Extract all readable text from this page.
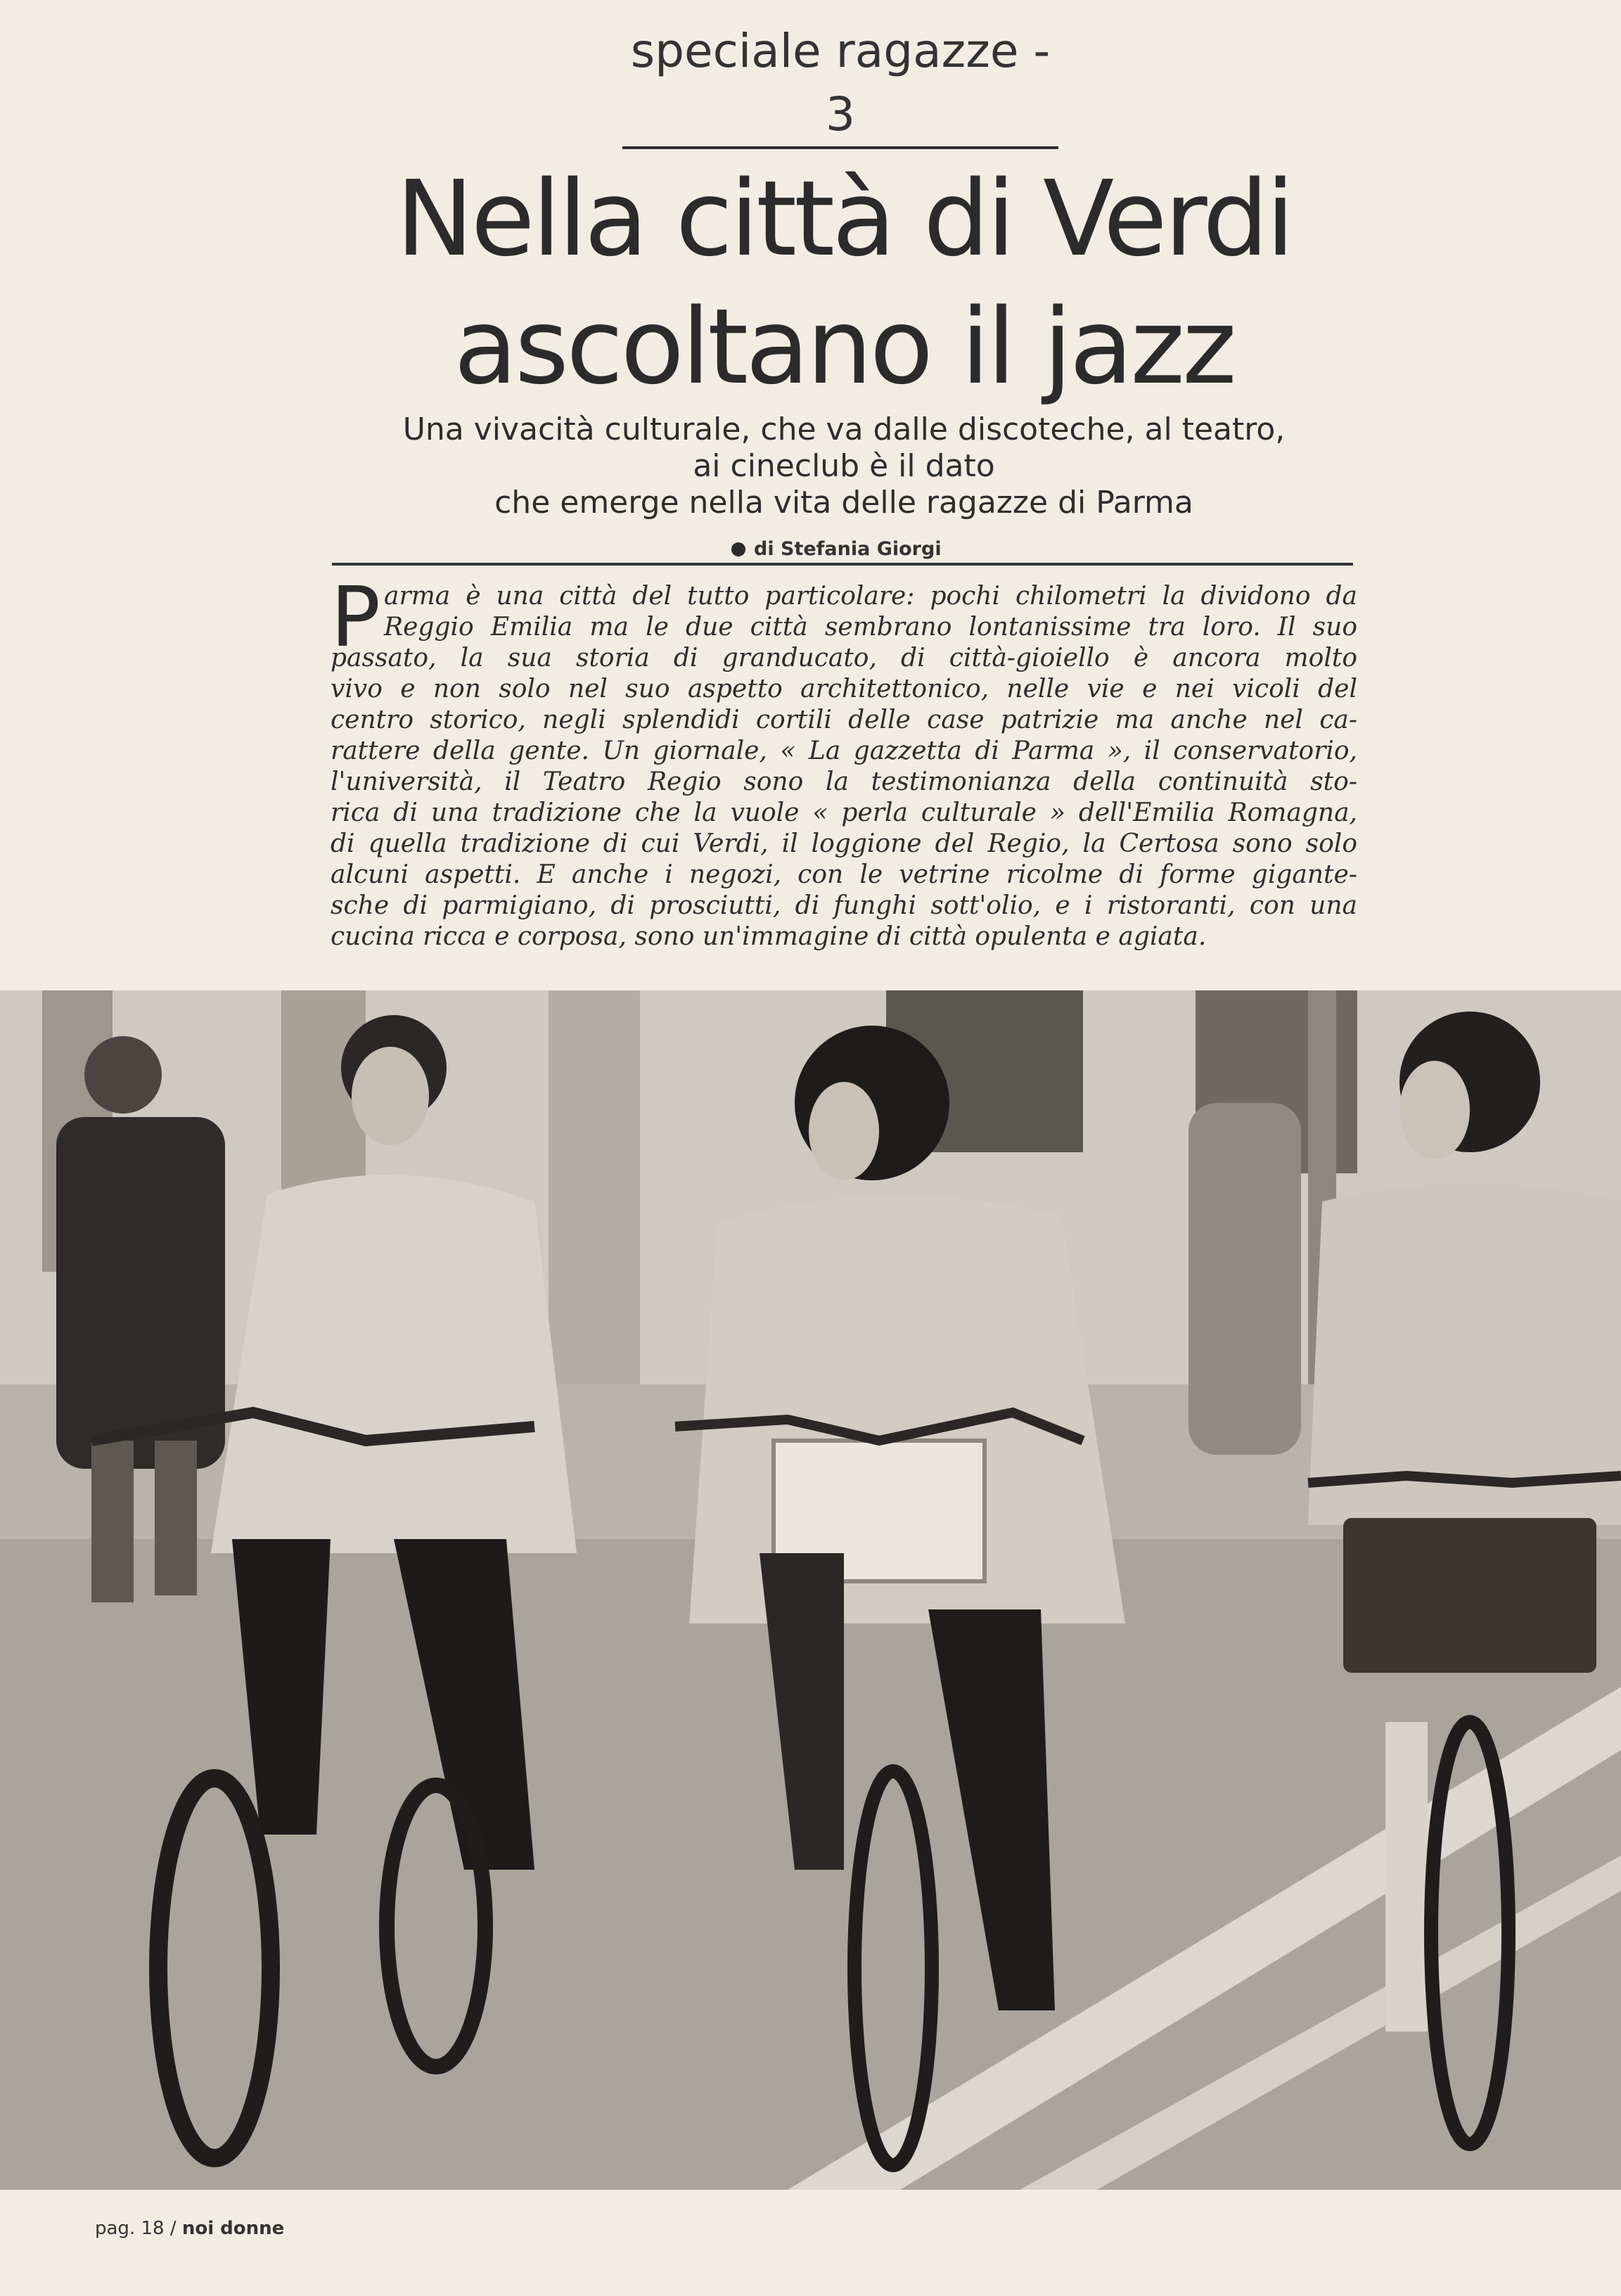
speciale ragazze - 3
Nella città di Verdi
ascoltano il jazz
Una vivacità culturale, che va dalle discoteche, al teatro,
ai cineclub è il dato
che emerge nella vita delle ragazze di Parma
di Stefania Giorgi
P arma è una città del tutto particolare: pochi chilometri la dividono da
Reggio Emilia ma le due città sembrano lontanissime tra loro. Il suo
passato, la sua storia di granducato, di città-gioiello è ancora molto
vivo e non solo nel suo aspetto architettonico, nelle vie e nei vicoli del
centro storico, negli splendidi cortili delle case patrizie ma anche nel ca-
rattere della gente. Un giornale, « La gazzetta di Parma », il conservatorio,
l'università, il Teatro Regio sono la testimonianza della continuità sto-
rica di una tradizione che la vuole « perla culturale » dell'Emilia Romagna,
di quella tradizione di cui Verdi, il loggione del Regio, la Certosa sono solo
alcuni aspetti. E anche i negozi, con le vetrine ricolme di forme gigante-
sche di parmigiano, di prosciutti, di funghi sott'olio, e i ristoranti, con una
cucina ricca e corposa, sono un'immagine di città opulenta e agiata.
pag. 18 / noi donne
